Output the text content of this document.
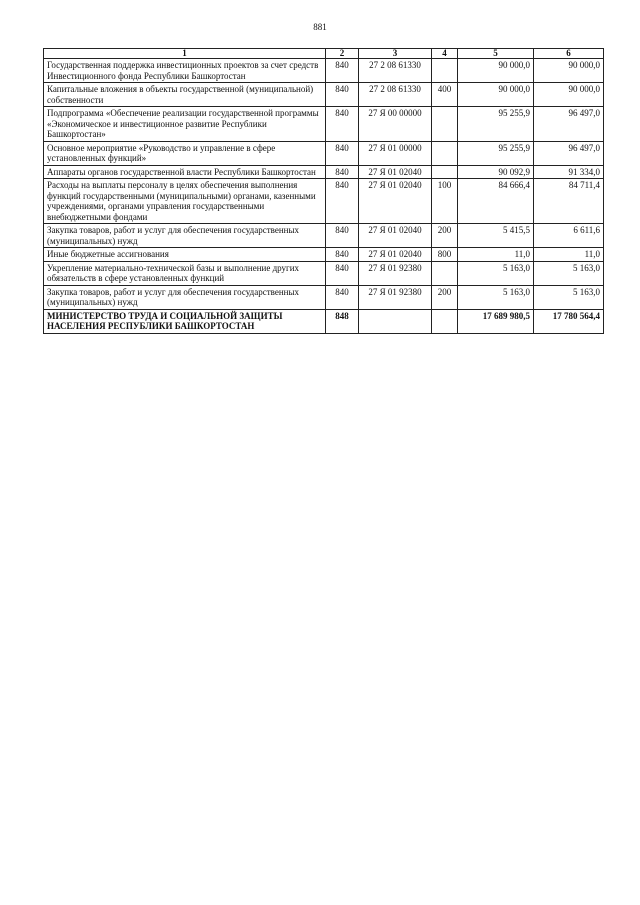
881
1	2	3	4	5	6
Государственная поддержка инвестиционных проектов за счет средств Инвестиционного фонда Республики Башкортостан	840	27 2 08 61330		90 000,0	90 000,0
Капитальные вложения в объекты государственной (муниципальной) собственности	840	27 2 08 61330	400	90 000,0	90 000,0
Подпрограмма «Обеспечение реализации государственной программы «Экономическое и инвестиционное развитие Республики Башкортостан»	840	27 Я 00 00000		95 255,9	96 497,0
Основное мероприятие «Руководство и управление в сфере установленных функций»	840	27 Я 01 00000		95 255,9	96 497,0
Аппараты органов государственной власти Республики Башкортостан	840	27 Я 01 02040		90 092,9	91 334,0
Расходы на выплаты персоналу в целях обеспечения выполнения функций государственными (муниципальными) органами, казенными учреждениями, органами управления государственными внебюджетными фондами	840	27 Я 01 02040	100	84 666,4	84 711,4
Закупка товаров, работ и услуг для обеспечения государственных (муниципальных) нужд	840	27 Я 01 02040	200	5 415,5	6 611,6
Иные бюджетные ассигнования	840	27 Я 01 02040	800	11,0	11,0
Укрепление материально-технической базы и выполнение других обязательств в сфере установленных функций	840	27 Я 01 92380		5 163,0	5 163,0
Закупка товаров, работ и услуг для обеспечения государственных (муниципальных) нужд	840	27 Я 01 92380	200	5 163,0	5 163,0
МИНИСТЕРСТВО ТРУДА И СОЦИАЛЬНОЙ ЗАЩИТЫ НАСЕЛЕНИЯ РЕСПУБЛИКИ БАШКОРТОСТАН	848			17 689 980,5	17 780 564,4
